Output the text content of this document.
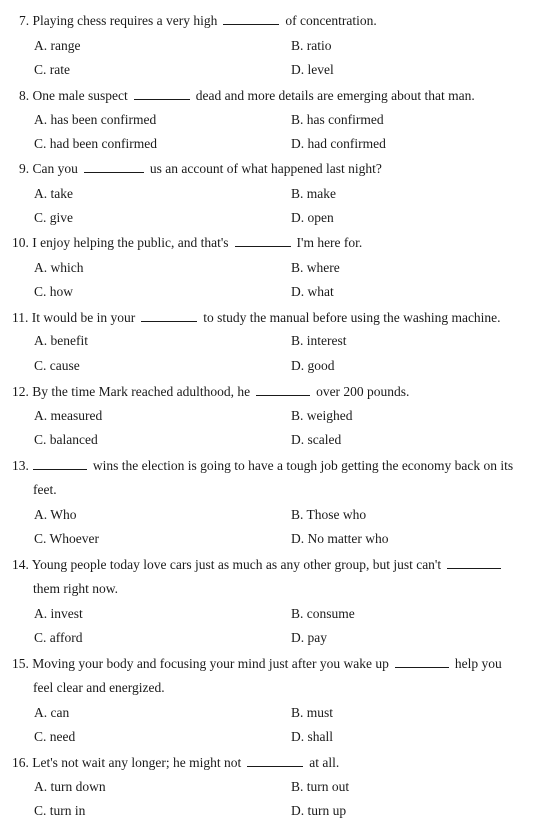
7. Playing chess requires a very high	of concentration.
A. range	B. ratio
C. rate	D. level
8. One male suspect	dead and more details are emerging about that man.
A. has been confirmed	B. has confirmed
C. had been confirmed	D. had confirmed
9. Can you	us an account of what happened last night?
A. take	B. make
C. give	D. open
10. I enjoy helping the public, and that's	I'm here for.
A. which	B. where
C. how	D. what
11. It would be in your	to study the manual before using the washing machine.
A. benefit	B. interest
C. cause	D. good
12. By the time Mark reached adulthood, he	over 200 pounds.
A. measured	B. weighed
C. balanced	D. scaled
13.	wins the election is going to have a tough job getting the economy back on its
feet.
A. Who	B. Those who
C. Whoever	D. No matter who
14. Young people today love cars just as much as any other group, but just can't
them right now.
A. invest	B. consume
C. afford	D. pay
15. Moving your body and focusing your mind just after you wake up	help you
feel clear and energized.
A. can	B. must
C. need	D. shall
16. Let's not wait any longer; he might not	at all.
A. turn down	B. turn out
C. turn in	D. turn up
